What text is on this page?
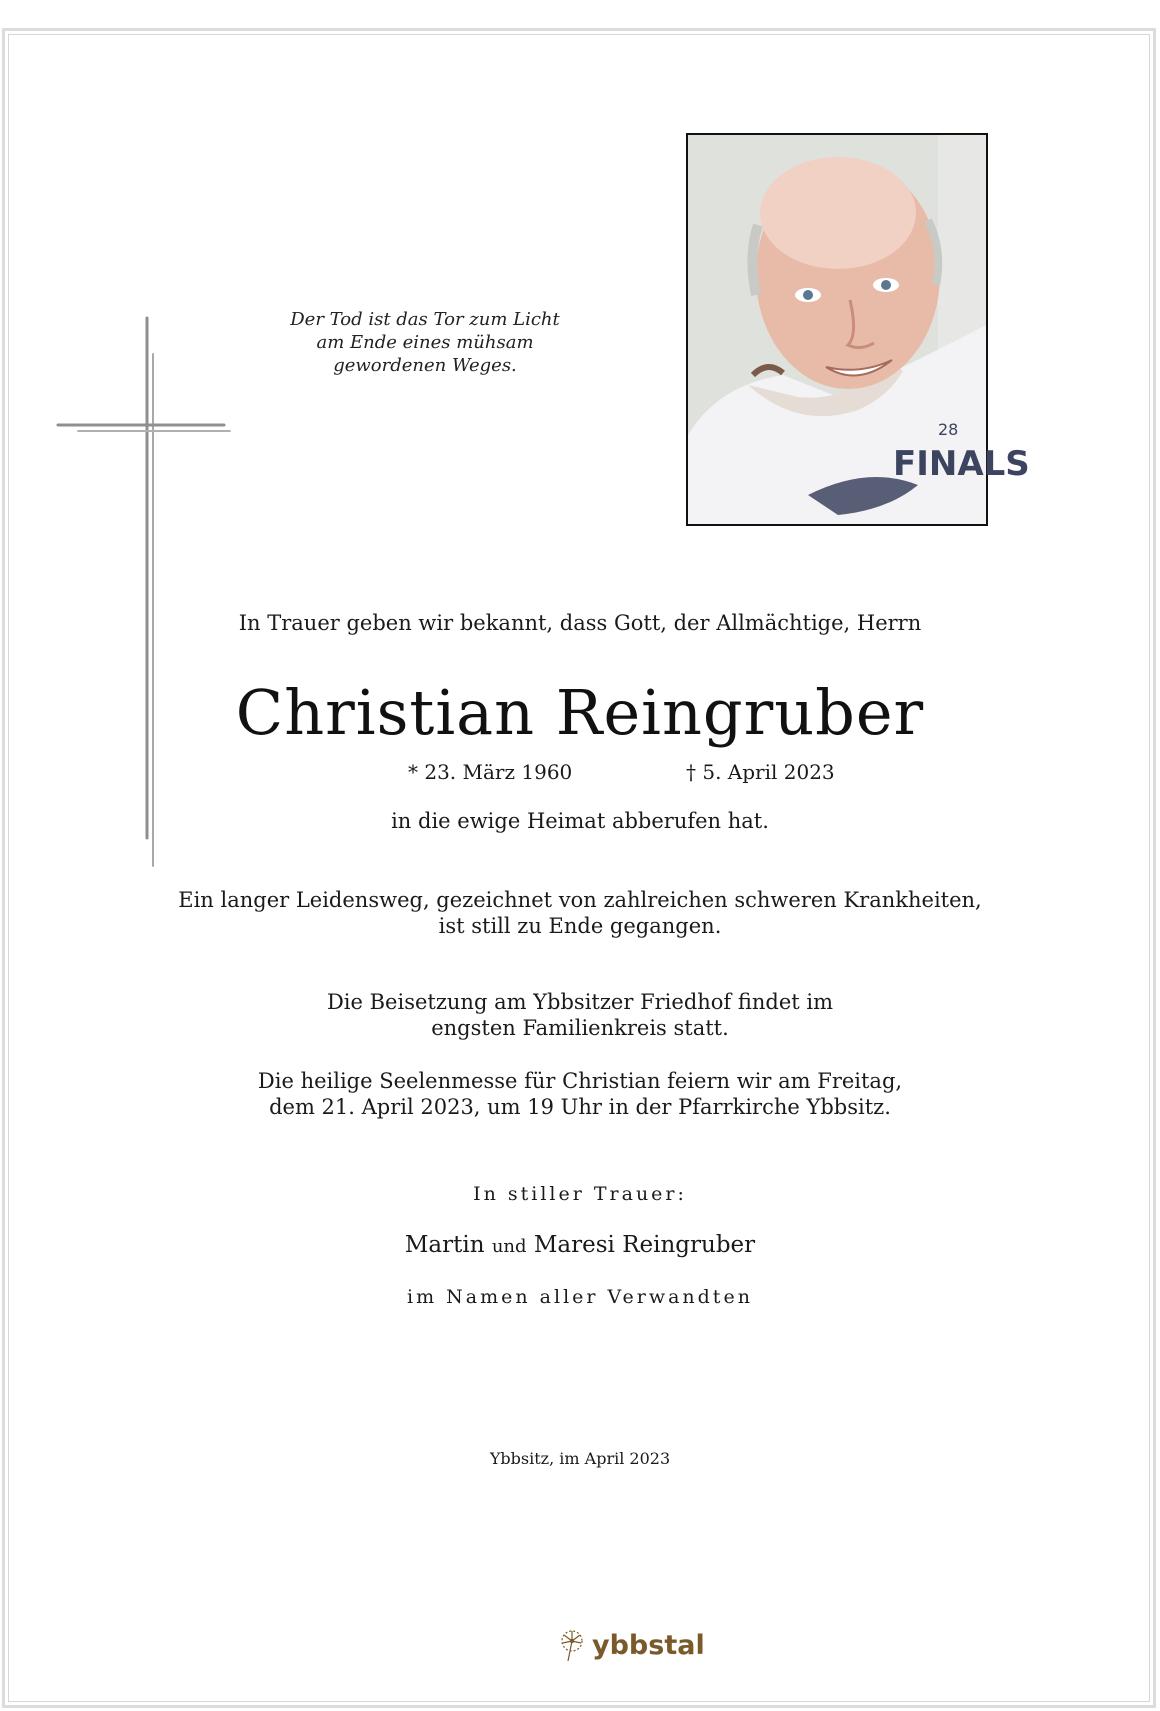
Der Tod ist das Tor zum Licht
am Ende eines mühsam
gewordenen Weges.
FINALS
28
In Trauer geben wir bekannt, dass Gott, der Allmächtige, Herrn
Christian Reingruber
* 23. März 1960	† 5. April 2023
in die ewige Heimat abberufen hat.
Ein langer Leidensweg, gezeichnet von zahlreichen schweren Krankheiten,
ist still zu Ende gegangen.
Die Beisetzung am Ybbsitzer Friedhof findet im
engsten Familienkreis statt.
Die heilige Seelenmesse für Christian feiern wir am Freitag,
dem 21. April 2023, um 19 Uhr in der Pfarrkirche Ybbsitz.
In stiller Trauer:
Martin und Maresi Reingruber
im Namen aller Verwandten
Ybbsitz, im April 2023
ybbstal
